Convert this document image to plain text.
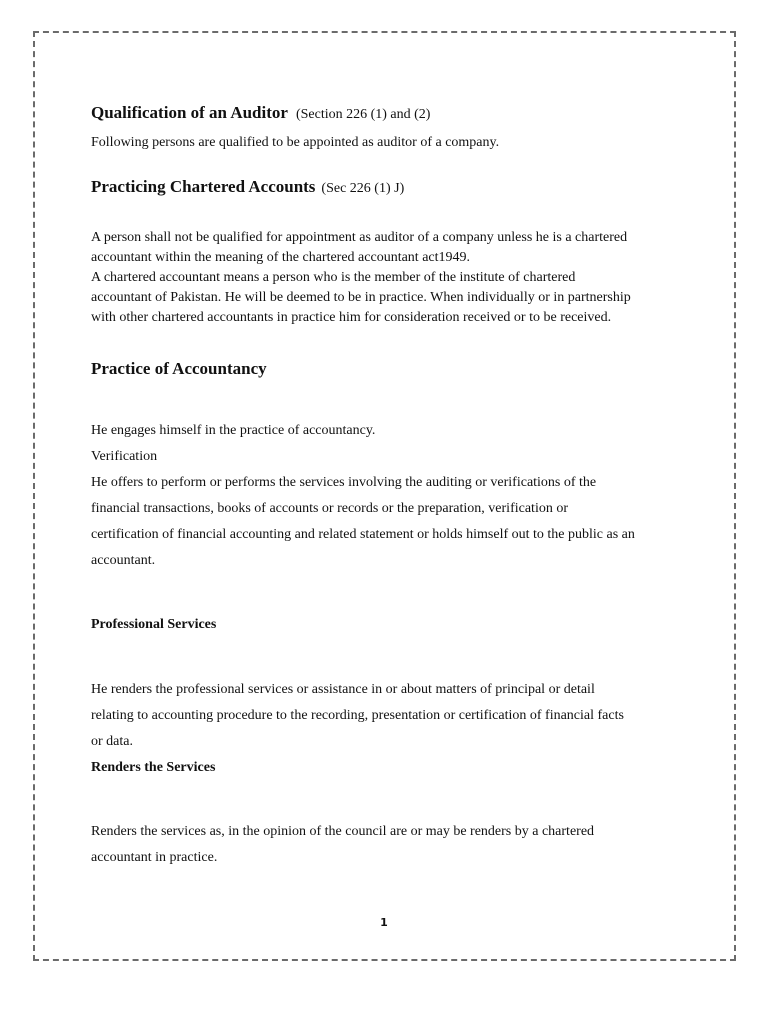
Qualification of an Auditor (Section 226 (1) and (2)

Following persons are qualified to be appointed as auditor of a company.

Practicing Chartered Accounts (Sec 226 (1) J)
A person shall not be qualified for appointment as auditor of a company unless he is a chartered
accountant within the meaning of the chartered accountant act1949.
A chartered accountant means a person who is the member of the institute of chartered
accountant of Pakistan. He will be deemed to be in practice. When individually or in partnership
with other chartered accountants in practice him for consideration received or to be received.
Practice of Accountancy
He engages himself in the practice of accountancy.
Verification
He offers to perform or performs the services involving the auditing or verifications of the
financial transactions, books of accounts or records or the preparation, verification or
certification of financial accounting and related statement or holds himself out to the public as an
accountant.
Professional Services
He renders the professional services or assistance in or about matters of principal or detail
relating to accounting procedure to the recording, presentation or certification of financial facts
or data.
Renders the Services
Renders the services as, in the opinion of the council are or may be renders by a chartered
accountant in practice.
1
